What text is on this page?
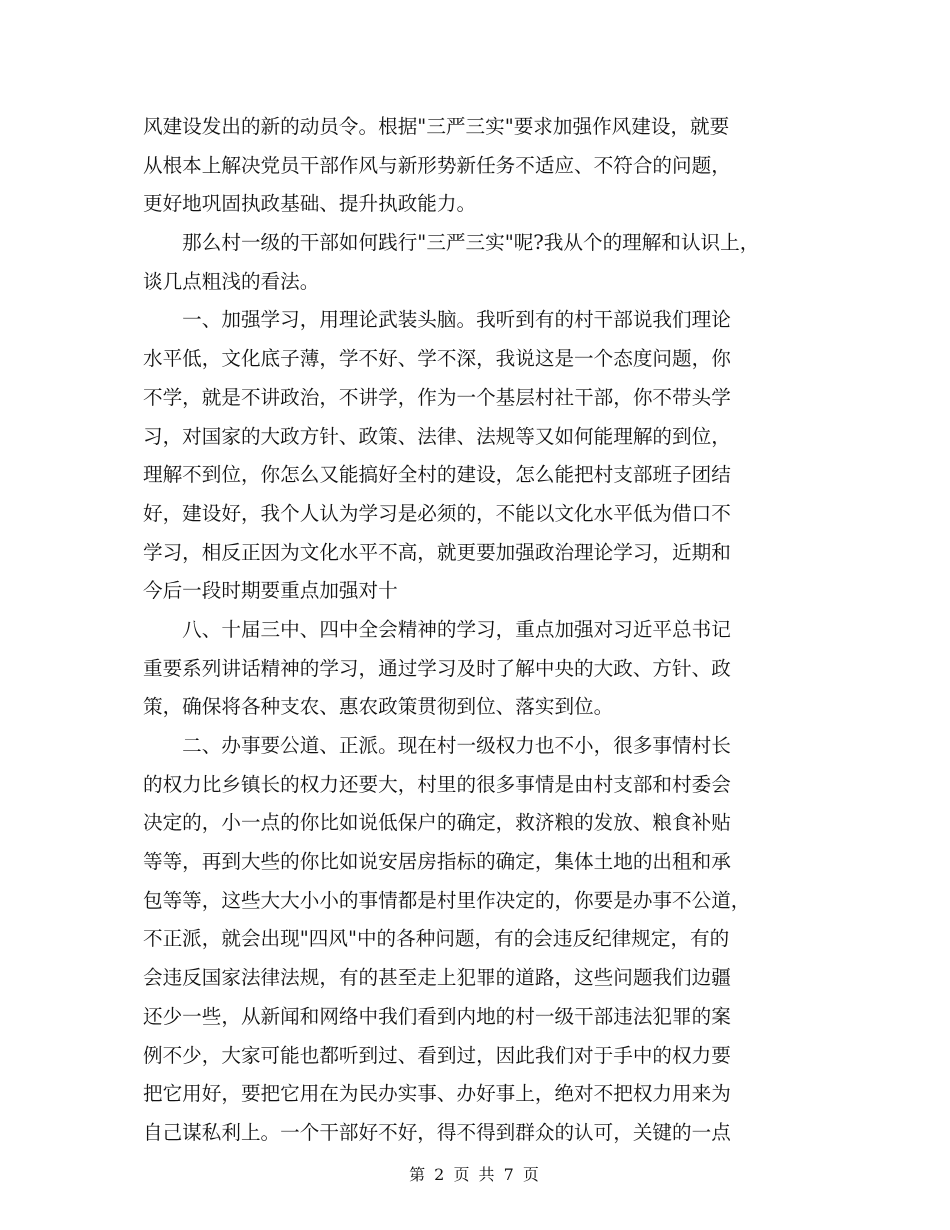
风建设发出的新的动员令。根据"三严三实"要求加强作风建设，就要
从根本上解决党员干部作风与新形势新任务不适应、不符合的问题，
更好地巩固执政基础、提升执政能力。
　　那么村一级的干部如何践行"三严三实"呢?我从个的理解和认识上，
谈几点粗浅的看法。
　　一、加强学习，用理论武装头脑。我听到有的村干部说我们理论
水平低，文化底子薄，学不好、学不深，我说这是一个态度问题，你
不学，就是不讲政治，不讲学，作为一个基层村社干部，你不带头学
习，对国家的大政方针、政策、法律、法规等又如何能理解的到位，
理解不到位，你怎么又能搞好全村的建设，怎么能把村支部班子团结
好，建设好，我个人认为学习是必须的，不能以文化水平低为借口不
学习，相反正因为文化水平不高，就更要加强政治理论学习，近期和
今后一段时期要重点加强对十
　　八、十届三中、四中全会精神的学习，重点加强对习近平总书记
重要系列讲话精神的学习，通过学习及时了解中央的大政、方针、政
策，确保将各种支农、惠农政策贯彻到位、落实到位。
　　二、办事要公道、正派。现在村一级权力也不小，很多事情村长
的权力比乡镇长的权力还要大，村里的很多事情是由村支部和村委会
决定的，小一点的你比如说低保户的确定，救济粮的发放、粮食补贴
等等，再到大些的你比如说安居房指标的确定，集体土地的出租和承
包等等，这些大大小小的事情都是村里作决定的，你要是办事不公道，
不正派，就会出现"四风"中的各种问题，有的会违反纪律规定，有的
会违反国家法律法规，有的甚至走上犯罪的道路，这些问题我们边疆
还少一些，从新闻和网络中我们看到内地的村一级干部违法犯罪的案
例不少，大家可能也都听到过、看到过，因此我们对于手中的权力要
把它用好，要把它用在为民办实事、办好事上，绝对不把权力用来为
自己谋私利上。一个干部好不好，得不得到群众的认可，关键的一点
第 2 页 共 7 页
